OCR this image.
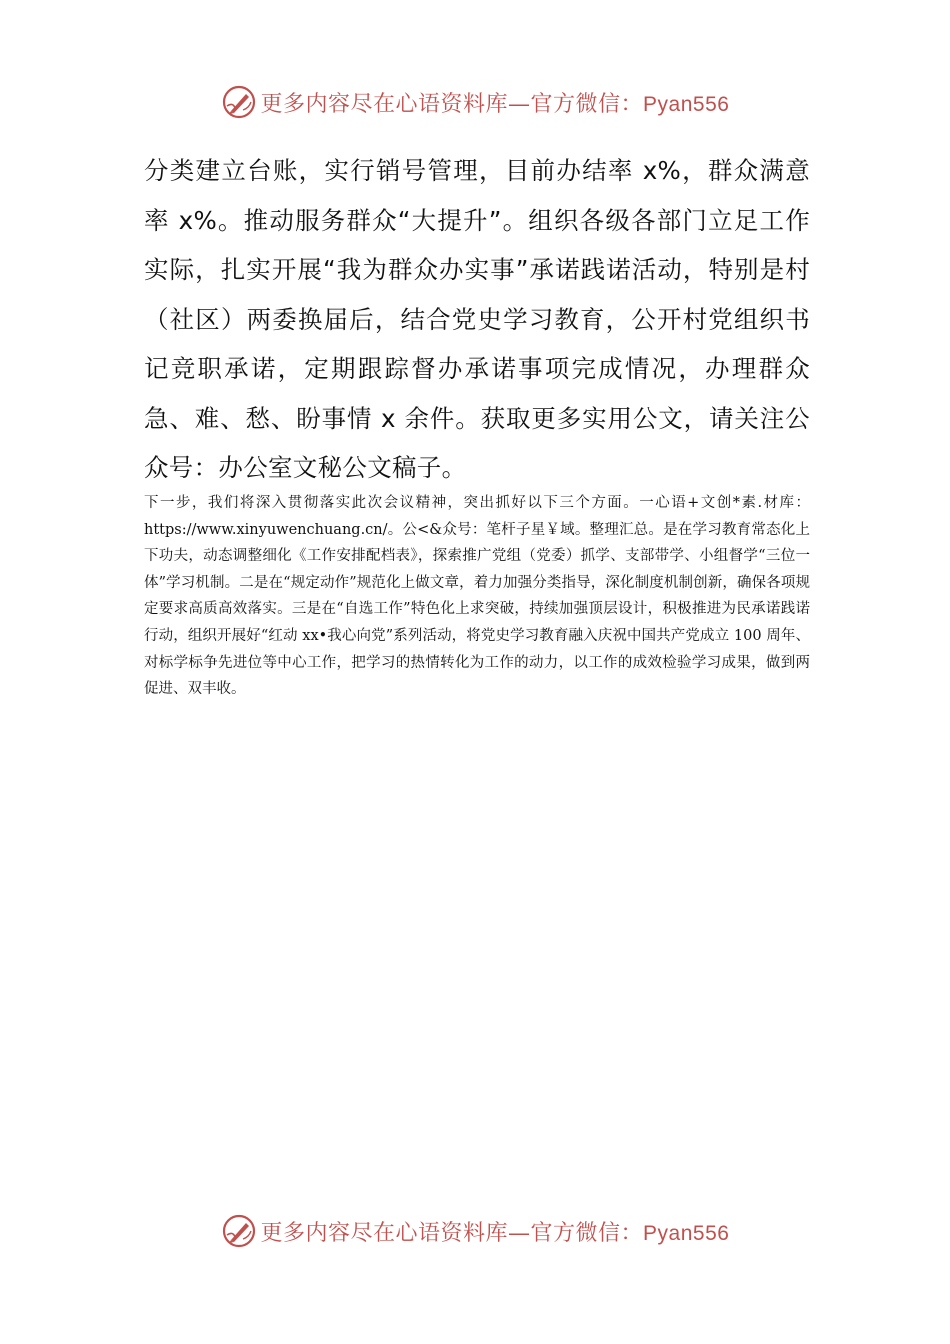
更多内容尽在心语资料库—官方微信：Pyan556

分类建立台账，实行销号管理，目前办结率 x%，群众满意率 x%。推动服务群众“大提升”。组织各级各部门立足工作实际，扎实开展“我为群众办实事”承诺践诺活动，特别是村（社区）两委换届后，结合党史学习教育，公开村党组织书记竞职承诺，定期跟踪督办承诺事项完成情况，办理群众急、难、愁、盼事情 x 余件。获取更多实用公文，请关注公众号：办公室文秘公文稿子。

下一步，我们将深入贯彻落实此次会议精神，突出抓好以下三个方面。一心语+文创*素.材库：https://www.xinyuwenchuang.cn/。公<&众号：笔杆子星￥域。整理汇总。是在学习教育常态化上下功夫，动态调整细化《工作安排配档表》，探索推广党组（党委）抓学、支部带学、小组督学“三位一体”学习机制。二是在“规定动作”规范化上做文章，着力加强分类指导，深化制度机制创新，确保各项规定要求高质高效落实。三是在“自选工作”特色化上求突破，持续加强顶层设计，积极推进为民承诺践诺行动，组织开展好“红动 xx•我心向党”系列活动，将党史学习教育融入庆祝中国共产党成立 100 周年、对标学标争先进位等中心工作，把学习的热情转化为工作的动力，以工作的成效检验学习成果，做到两促进、双丰收。

更多内容尽在心语资料库—官方微信：Pyan556
